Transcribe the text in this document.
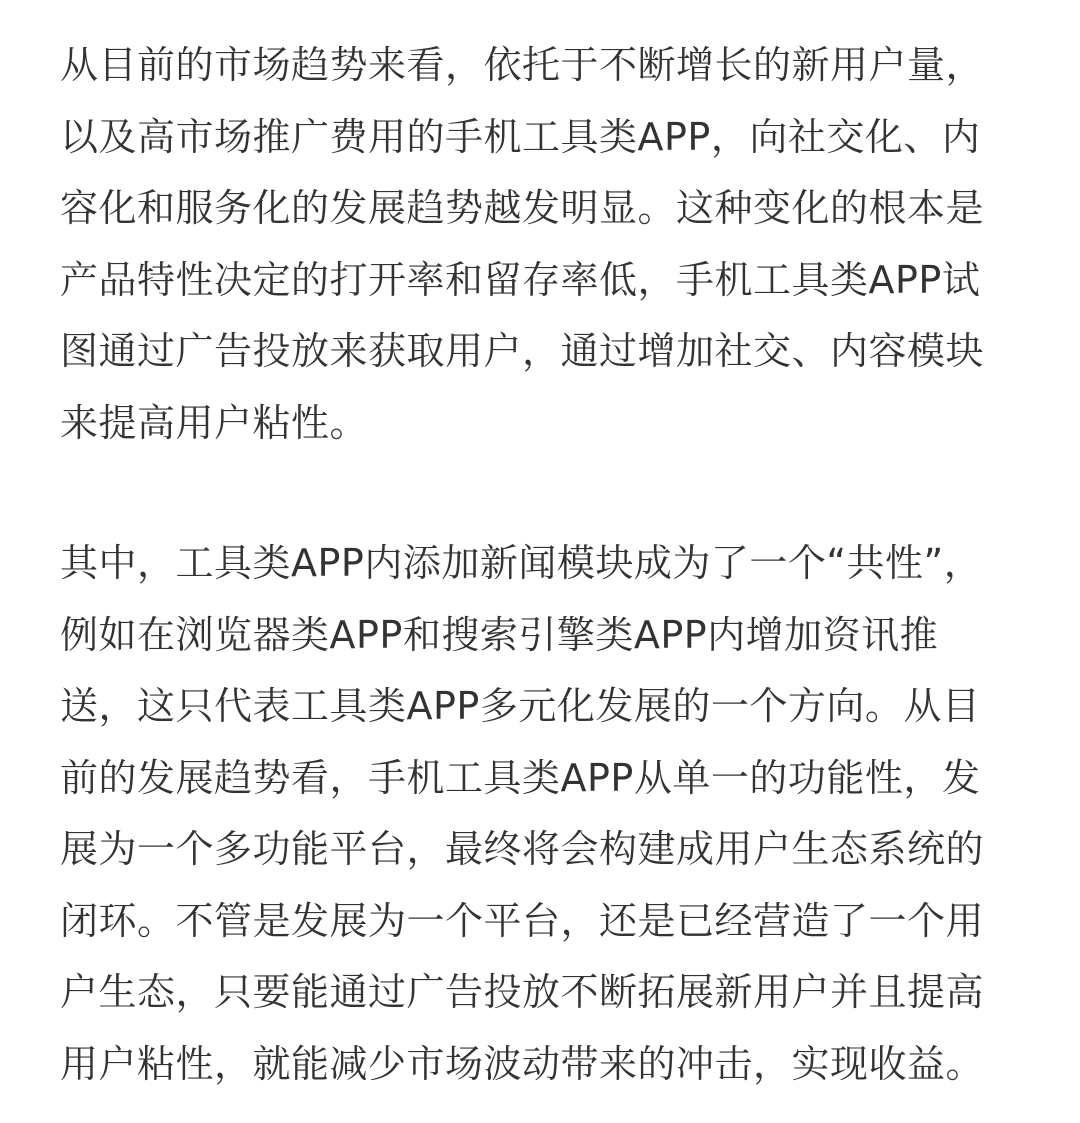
从目前的市场趋势来看，依托于不断增长的新用户量，
以及高市场推广费用的手机工具类APP，向社交化、内
容化和服务化的发展趋势越发明显。这种变化的根本是
产品特性决定的打开率和留存率低，手机工具类APP试
图通过广告投放来获取用户，通过增加社交、内容模块
来提高用户粘性。
其中，工具类APP内添加新闻模块成为了一个“共性”，
例如在浏览器类APP和搜索引擎类APP内增加资讯推
送，这只代表工具类APP多元化发展的一个方向。从目
前的发展趋势看，手机工具类APP从单一的功能性，发
展为一个多功能平台，最终将会构建成用户生态系统的
闭环。不管是发展为一个平台，还是已经营造了一个用
户生态，只要能通过广告投放不断拓展新用户并且提高
用户粘性，就能减少市场波动带来的冲击，实现收益。
